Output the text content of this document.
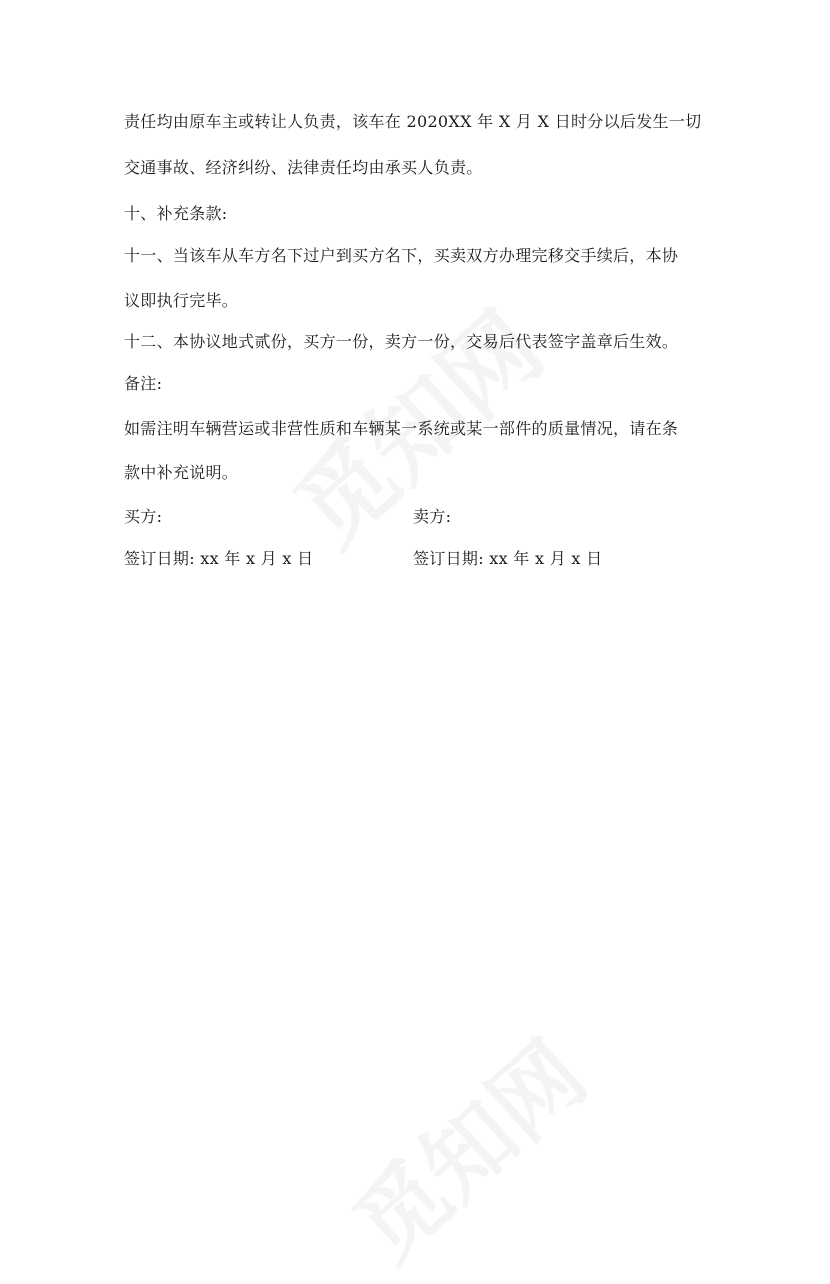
责任均由原车主或转让人负责，该车在 2020XX 年 X 月 X 日时分以后发生一切
交通事故、经济纠纷、法律责任均由承买人负责。
十、补充条款:
十一、当该车从车方名下过户到买方名下，买卖双方办理完移交手续后，本协
议即执行完毕。
十二、本协议地式贰份，买方一份，卖方一份，交易后代表签字盖章后生效。
备注:
如需注明车辆营运或非营性质和车辆某一系统或某一部件的质量情况，请在条
款中补充说明。
买方:	卖方:
签订日期: xx 年 x 月 x 日	签订日期: xx 年 x 月 x 日
